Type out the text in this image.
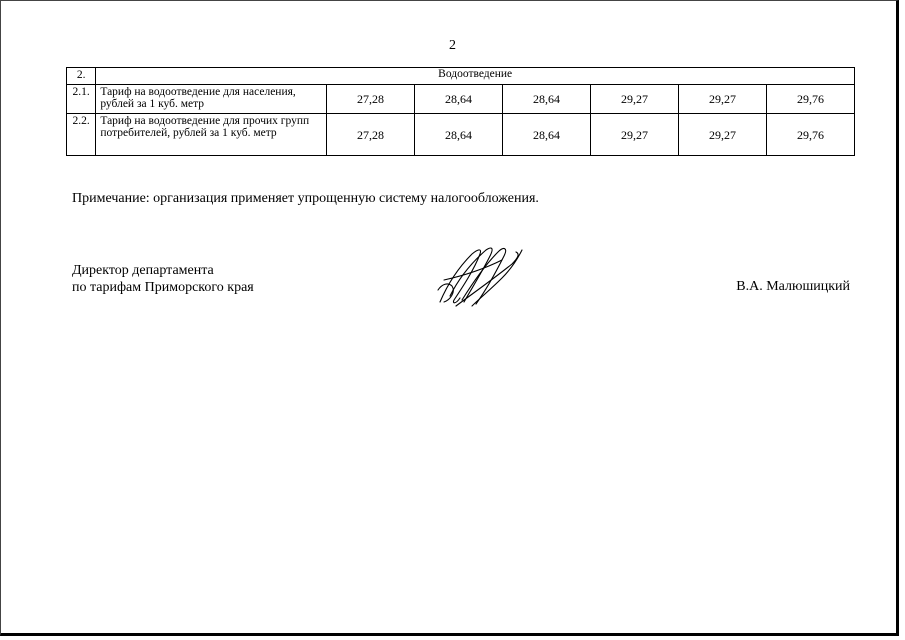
2
2.	Водоотведение						
2.1.	Тариф на водоотведение для населения, рублей за 1 куб. метр	27,28	28,64	28,64	29,27	29,27	29,76
2.2.	Тариф на водоотведение для прочих групп потребителей, рублей за 1 куб. метр	27,28	28,64	28,64	29,27	29,27	29,76
Примечание: организация применяет упрощенную систему налогообложения.
Директор департамента
по тарифам Приморского края	В.А. Малюшицкий
